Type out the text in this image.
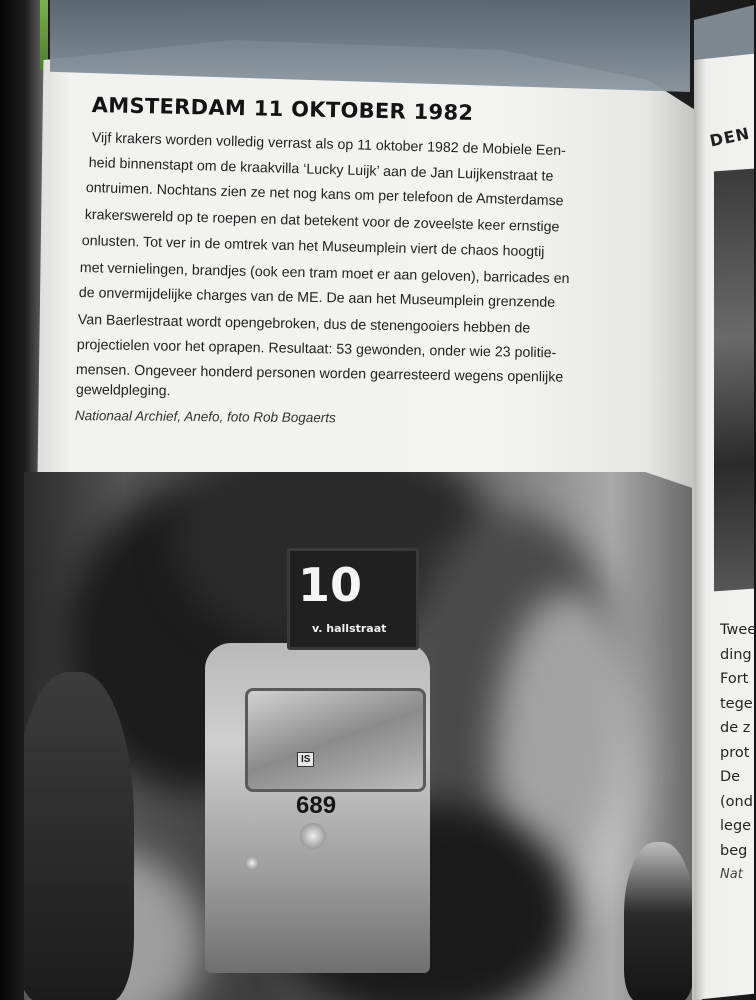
DEN
Twee
ding
Fort
tege
de z
prot
De
(ond
lege
beg
Nat
AMSTERDAM 11 OKTOBER 1982
Vijf krakers worden volledig verrast als op 11 oktober 1982 de Mobiele Een-
heid binnenstapt om de kraakvilla ‘Lucky Luijk’ aan de Jan Luijkenstraat te
ontruimen. Nochtans zien ze net nog kans om per telefoon de Amsterdamse
krakerswereld op te roepen en dat betekent voor de zoveelste keer ernstige
onlusten. Tot ver in de omtrek van het Museumplein viert de chaos hoogtij
met vernielingen, brandjes (ook een tram moet er aan geloven), barricades en
de onvermijdelijke charges van de ME. De aan het Museumplein grenzende
Van Baerlestraat wordt opengebroken, dus de stenengooiers hebben de
projectielen voor het oprapen. Resultaat: 53 gewonden, onder wie 23 politie-
mensen. Ongeveer honderd personen worden gearresteerd wegens openlijke
geweldpleging.

Nationaal Archief, Anefo, foto Rob Bogaerts

10

v. hallstraat

IS

689
